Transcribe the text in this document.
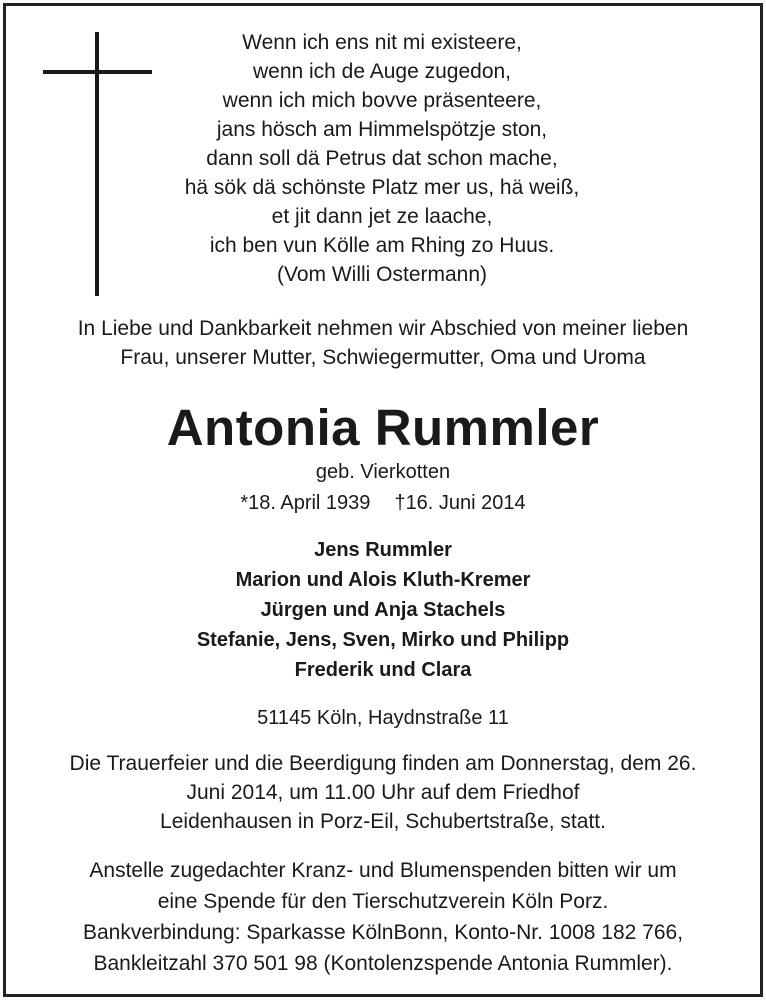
Wenn ich ens nit mi existeere,
wenn ich de Auge zugedon,
wenn ich mich bovve präsenteere,
jans hösch am Himmelspötzje ston,
dann soll dä Petrus dat schon mache,
hä sök dä schönste Platz mer us, hä weiß,
et jit dann jet ze laache,
ich ben vun Kölle am Rhing zo Huus.
(Vom Willi Ostermann)
In Liebe und Dankbarkeit nehmen wir Abschied von meiner lieben
Frau, unserer Mutter, Schwiegermutter, Oma und Uroma
Antonia Rummler
geb. Vierkotten
*18. April 1939 †16. Juni 2014
Jens Rummler
Marion und Alois Kluth-Kremer
Jürgen und Anja Stachels
Stefanie, Jens, Sven, Mirko und Philipp
Frederik und Clara
51145 Köln, Haydnstraße 11
Die Trauerfeier und die Beerdigung finden am Donnerstag, dem 26.
Juni 2014, um 11.00 Uhr auf dem Friedhof
Leidenhausen in Porz-Eil, Schubertstraße, statt.
Anstelle zugedachter Kranz- und Blumenspenden bitten wir um
eine Spende für den Tierschutzverein Köln Porz.
Bankverbindung: Sparkasse KölnBonn, Konto-Nr. 1008 182 766,
Bankleitzahl 370 501 98 (Kontolenzspende Antonia Rummler).
